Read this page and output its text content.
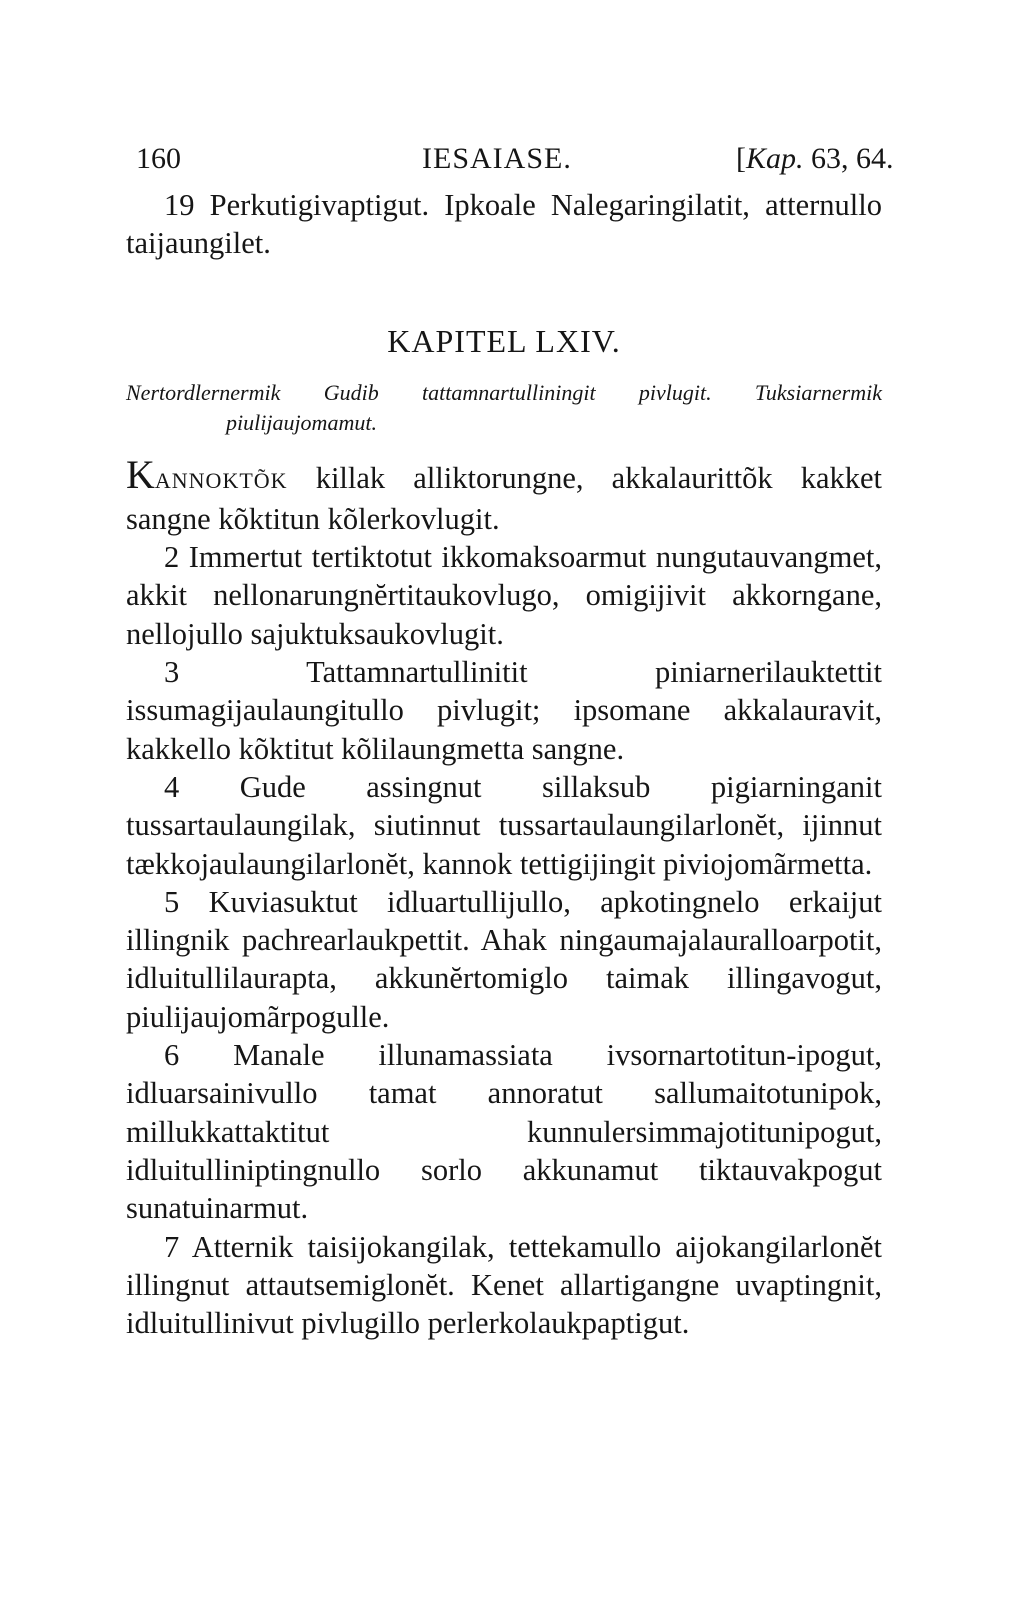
160	IESAIASE.	[Kap. 63, 64.

19 Perkutigivaptigut. Ipkoale Nalegaringilatit, atternullo taijaungilet.

KAPITEL LXIV.

Nertordlernermik Gudib tattamnartulliningit pivlugit. Tuksiarnermik piulijaujomamut.

KANNOKTÕK killak alliktorungne, akkalaurittõk kakket sangne kõktitun kõlerkovlugit.

2 Immertut tertiktotut ikkomaksoarmut nungutauvangmet, akkit nellonarungnĕrtitaukovlugo, omigijivit akkorngane, nellojullo sajuktuksaukovlugit.

3 Tattamnartullinitit piniarnerilauktettit issumagijaulaungitullo pivlugit; ipsomane akkalauravit, kakkello kõktitut kõlilaungmetta sangne.

4 Gude assingnut sillaksub pigiarninganit tussartaulaungilak, siutinnut tussartaulaungilarlonĕt, ijinnut tækkojaulaungilarlonĕt, kannok tettigijingit piviojomãrmetta.

5 Kuviasuktut idluartullijullo, apkotingnelo erkaijut illingnik pachrearlaukpettit. Ahak ningaumajalauralloarpotit, idluitullilaurapta, akkunĕrtomiglo taimak illingavogut, piulijaujomãrpogulle.

6 Manale illunamassiata ivsornartotitun-ipogut, idluarsainivullo tamat annoratut sallumaitotunipok, millukkattaktitut kunnulersimmajotitunipogut, idluitulliniptingnullo sorlo akkunamut tiktauvakpogut sunatuinarmut.

7 Atternik taisijokangilak, tettekamullo aijokangilarlonĕt illingnut attautsemiglonĕt. Kenet allartigangne uvaptingnit, idluitullinivut pivlugillo perlerkolaukpaptigut.
